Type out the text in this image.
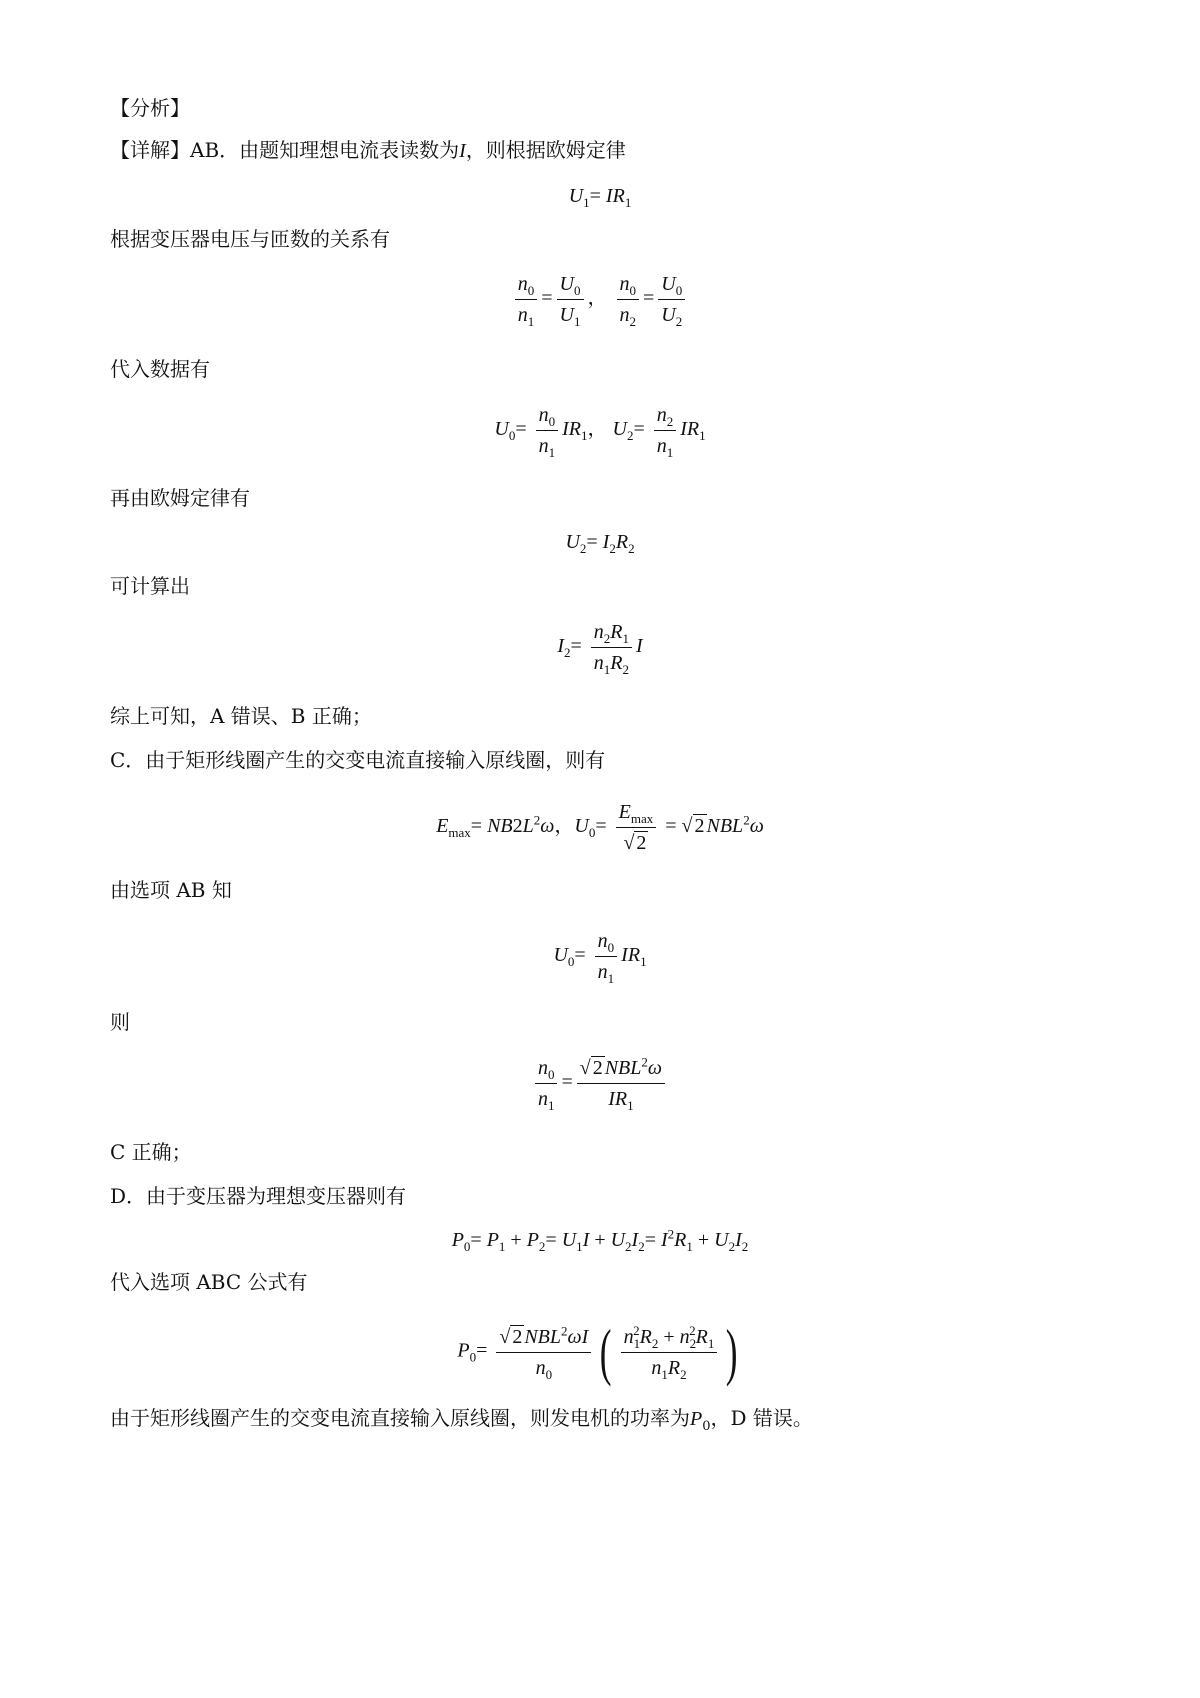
【分析】
【详解】AB．由题知理想电流表读数为I，则根据欧姆定律
$U_1= IR_1$
根据变压器电压与匝数的关系有
$\frac{n_0}{n_1} = \frac{U_0}{U_1}$ ， $\frac{n_0}{n_2} = \frac{U_0}{U_2}$
代入数据有
$U_0= \frac{n_0}{n_1} IR_1$， $U_2= \frac{n_2}{n_1} IR_1$
再由欧姆定律有
$U_2= I_2R_2$
可计算出
$I_2= \frac{n_2R_1}{n_1R_2}$ I
综上可知，A 错误、B 正确；
C．由于矩形线圈产生的交变电流直接输入原线圈，则有
$E_{max}= NB2L^2\omega$，$U_0= \frac{E_{max}}{√ 2}$ = √ 2 NBL$^2$ω
由选项 AB 知
$U_0= \frac{n_0}{n_1} IR_1$
则
$\frac{n_0}{n_1} = \frac{√ 2 NBL^2\omega}{IR_1}$
C 正确；
D．由于变压器为理想变压器则有
$P_0= P_1 + P_2= U_1I + U_2I_2= I^2R_1 + U_2I_2$
代入选项 ABC 公式有
$P_0= \frac{√ 2 NBL^2\omega I}{n_0}$ ( $\frac{n_1^2R_2 + n_2^2R_1}{n_1R_2}$ )
由于矩形线圈产生的交变电流直接输入原线圈，则发电机的功率为$P_0$，D 错误。
